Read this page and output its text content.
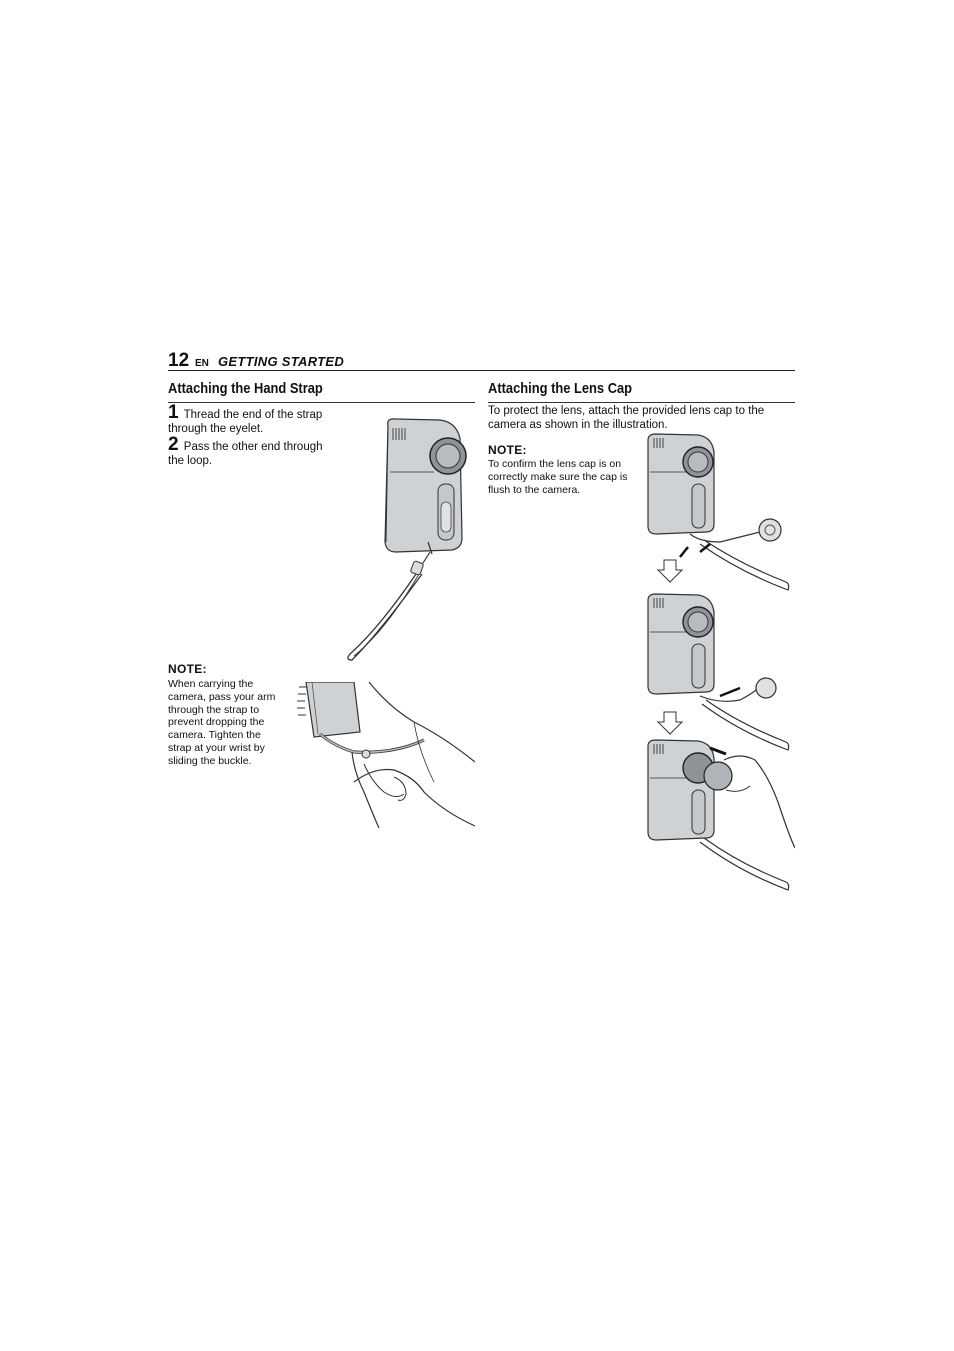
12 EN GETTING STARTED
Attaching the Hand Strap
1 Thread the end of the strap through the eyelet.
2 Pass the other end through the loop.
NOTE:
When carrying the camera, pass your arm through the strap to prevent dropping the camera. Tighten the strap at your wrist by sliding the buckle.
Attaching the Lens Cap
To protect the lens, attach the provided lens cap to the camera as shown in the illustration.
NOTE:
To confirm the lens cap is on correctly make sure the cap is flush to the camera.
